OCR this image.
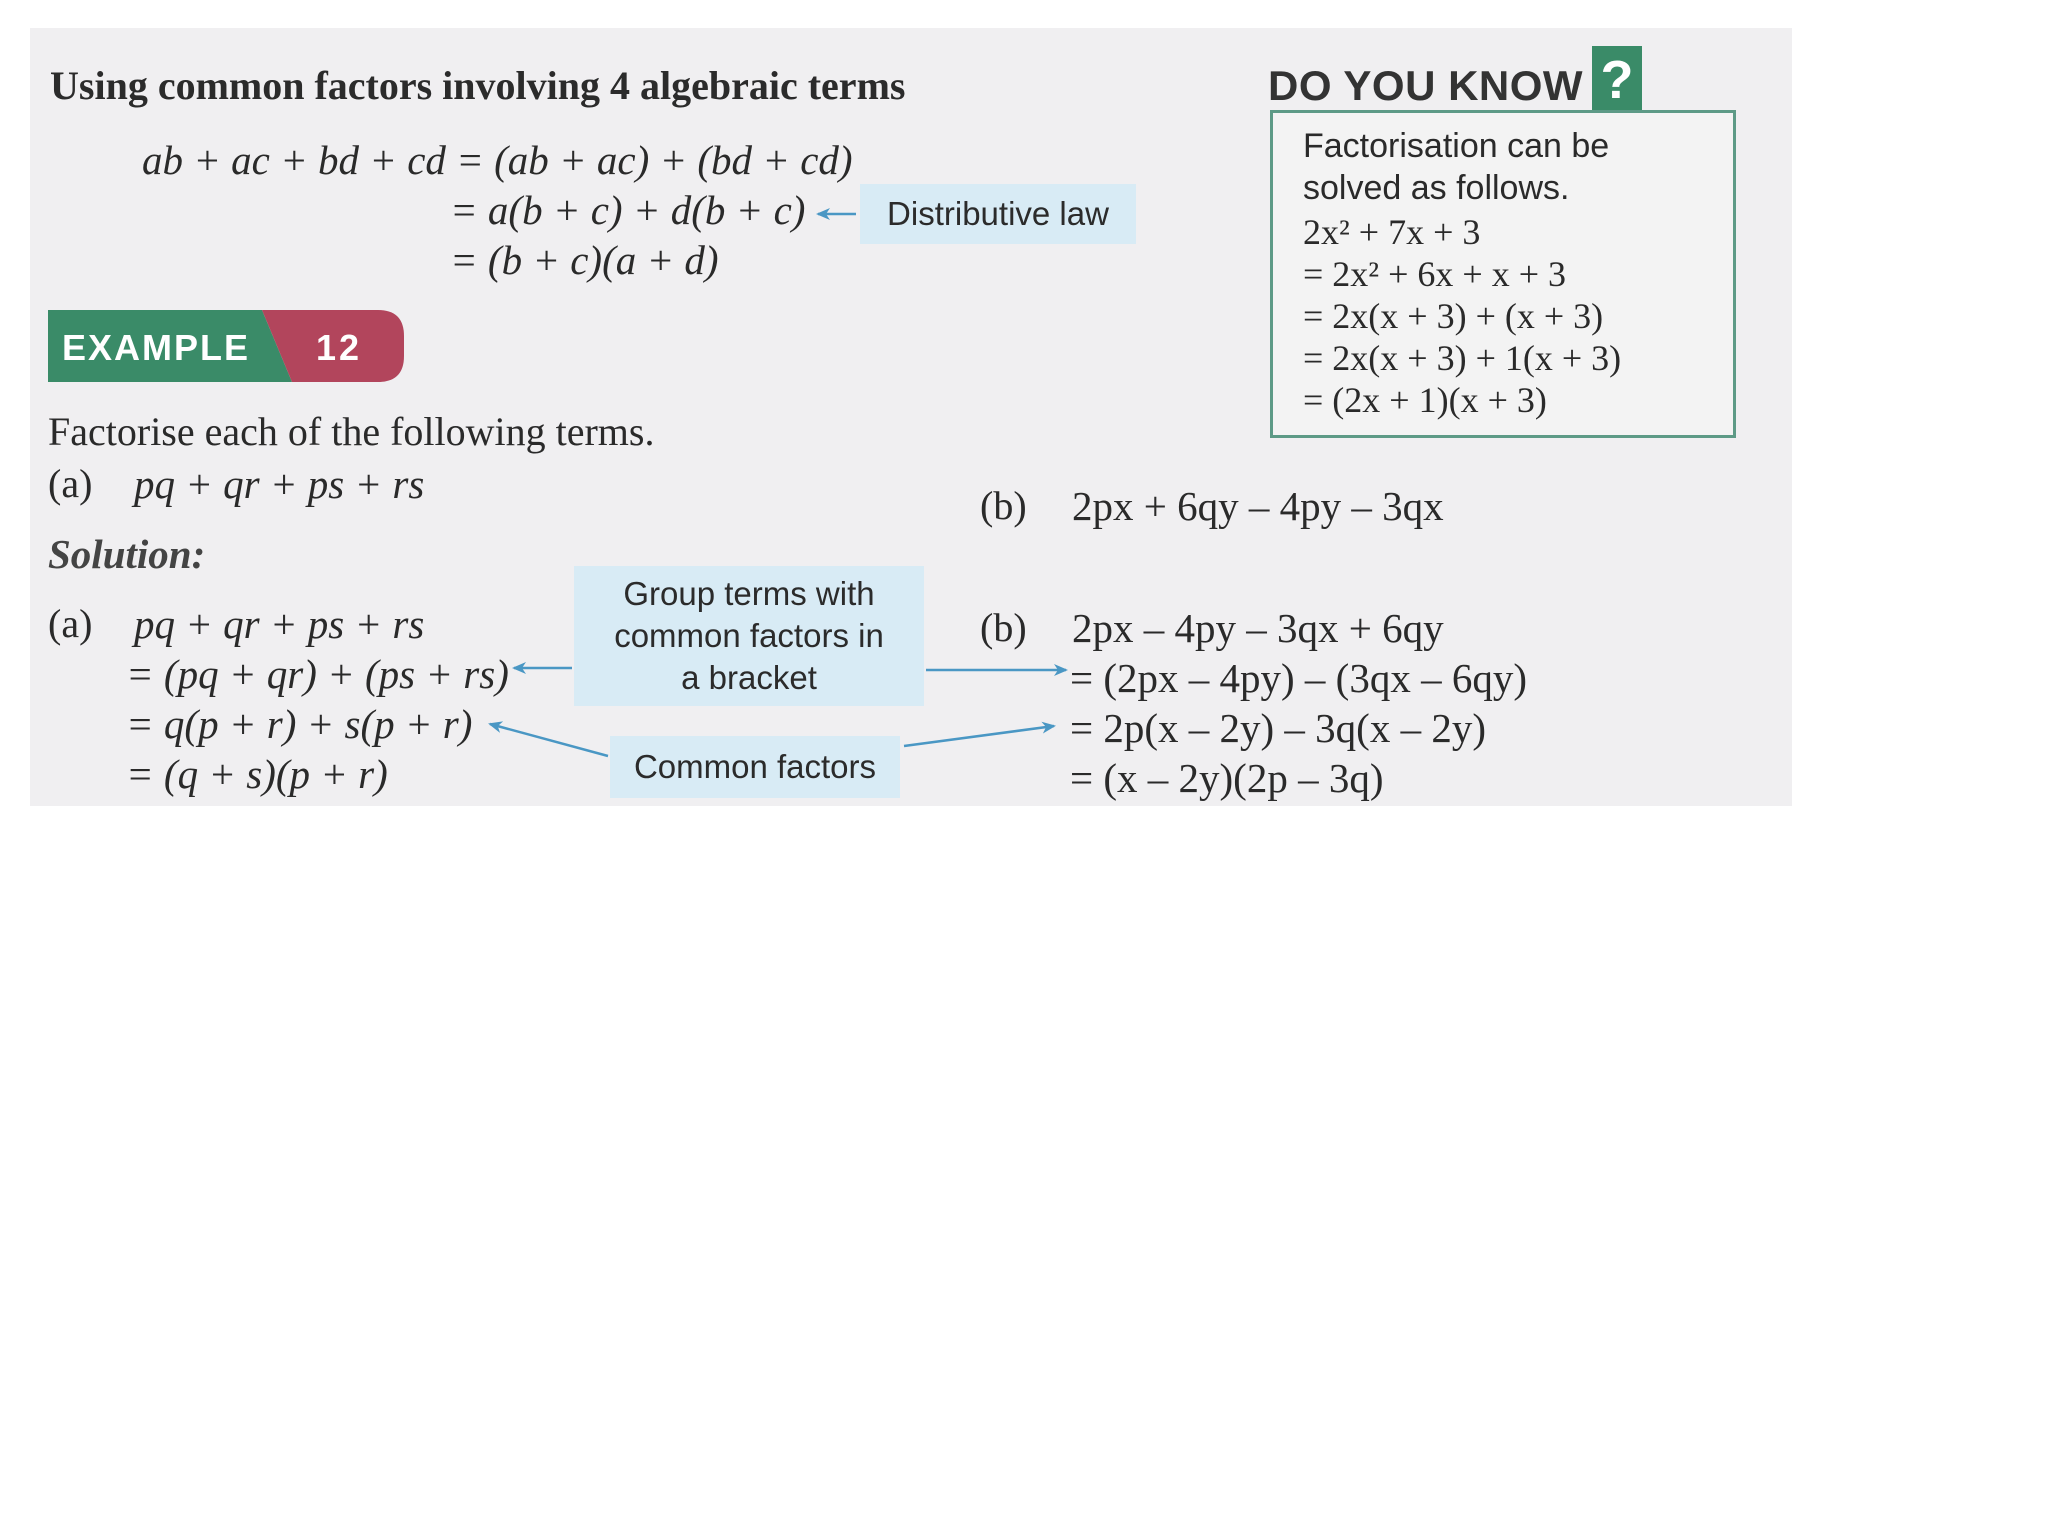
Using common factors involving 4 algebraic terms
ab + ac + bd + cd = (ab + ac) + (bd + cd)
= a(b + c) + d(b + c)
= (b + c)(a + d)
Distributive law
DO YOU KNOW ?
Factorisation can be
solved as follows.
2x² + 7x + 3
= 2x² + 6x + x + 3
= 2x(x + 3) + (x + 3)
= 2x(x + 3) + 1(x + 3)
= (2x + 1)(x + 3)
EXAMPLE 12
Factorise each of the following terms.
(a) pq + qr + ps + rs	(b) 2px + 6qy – 4py – 3qx
Solution:
(a) pq + qr + ps + rs
= (pq + qr) + (ps + rs)
= q(p + r) + s(p + r)
= (q + s)(p + r)
(b) 2px – 4py – 3qx + 6qy
= (2px – 4py) – (3qx – 6qy)
= 2p(x – 2y) – 3q(x – 2y)
= (x – 2y)(2p – 3q)
Group terms with
common factors in
a bracket
Common factors
